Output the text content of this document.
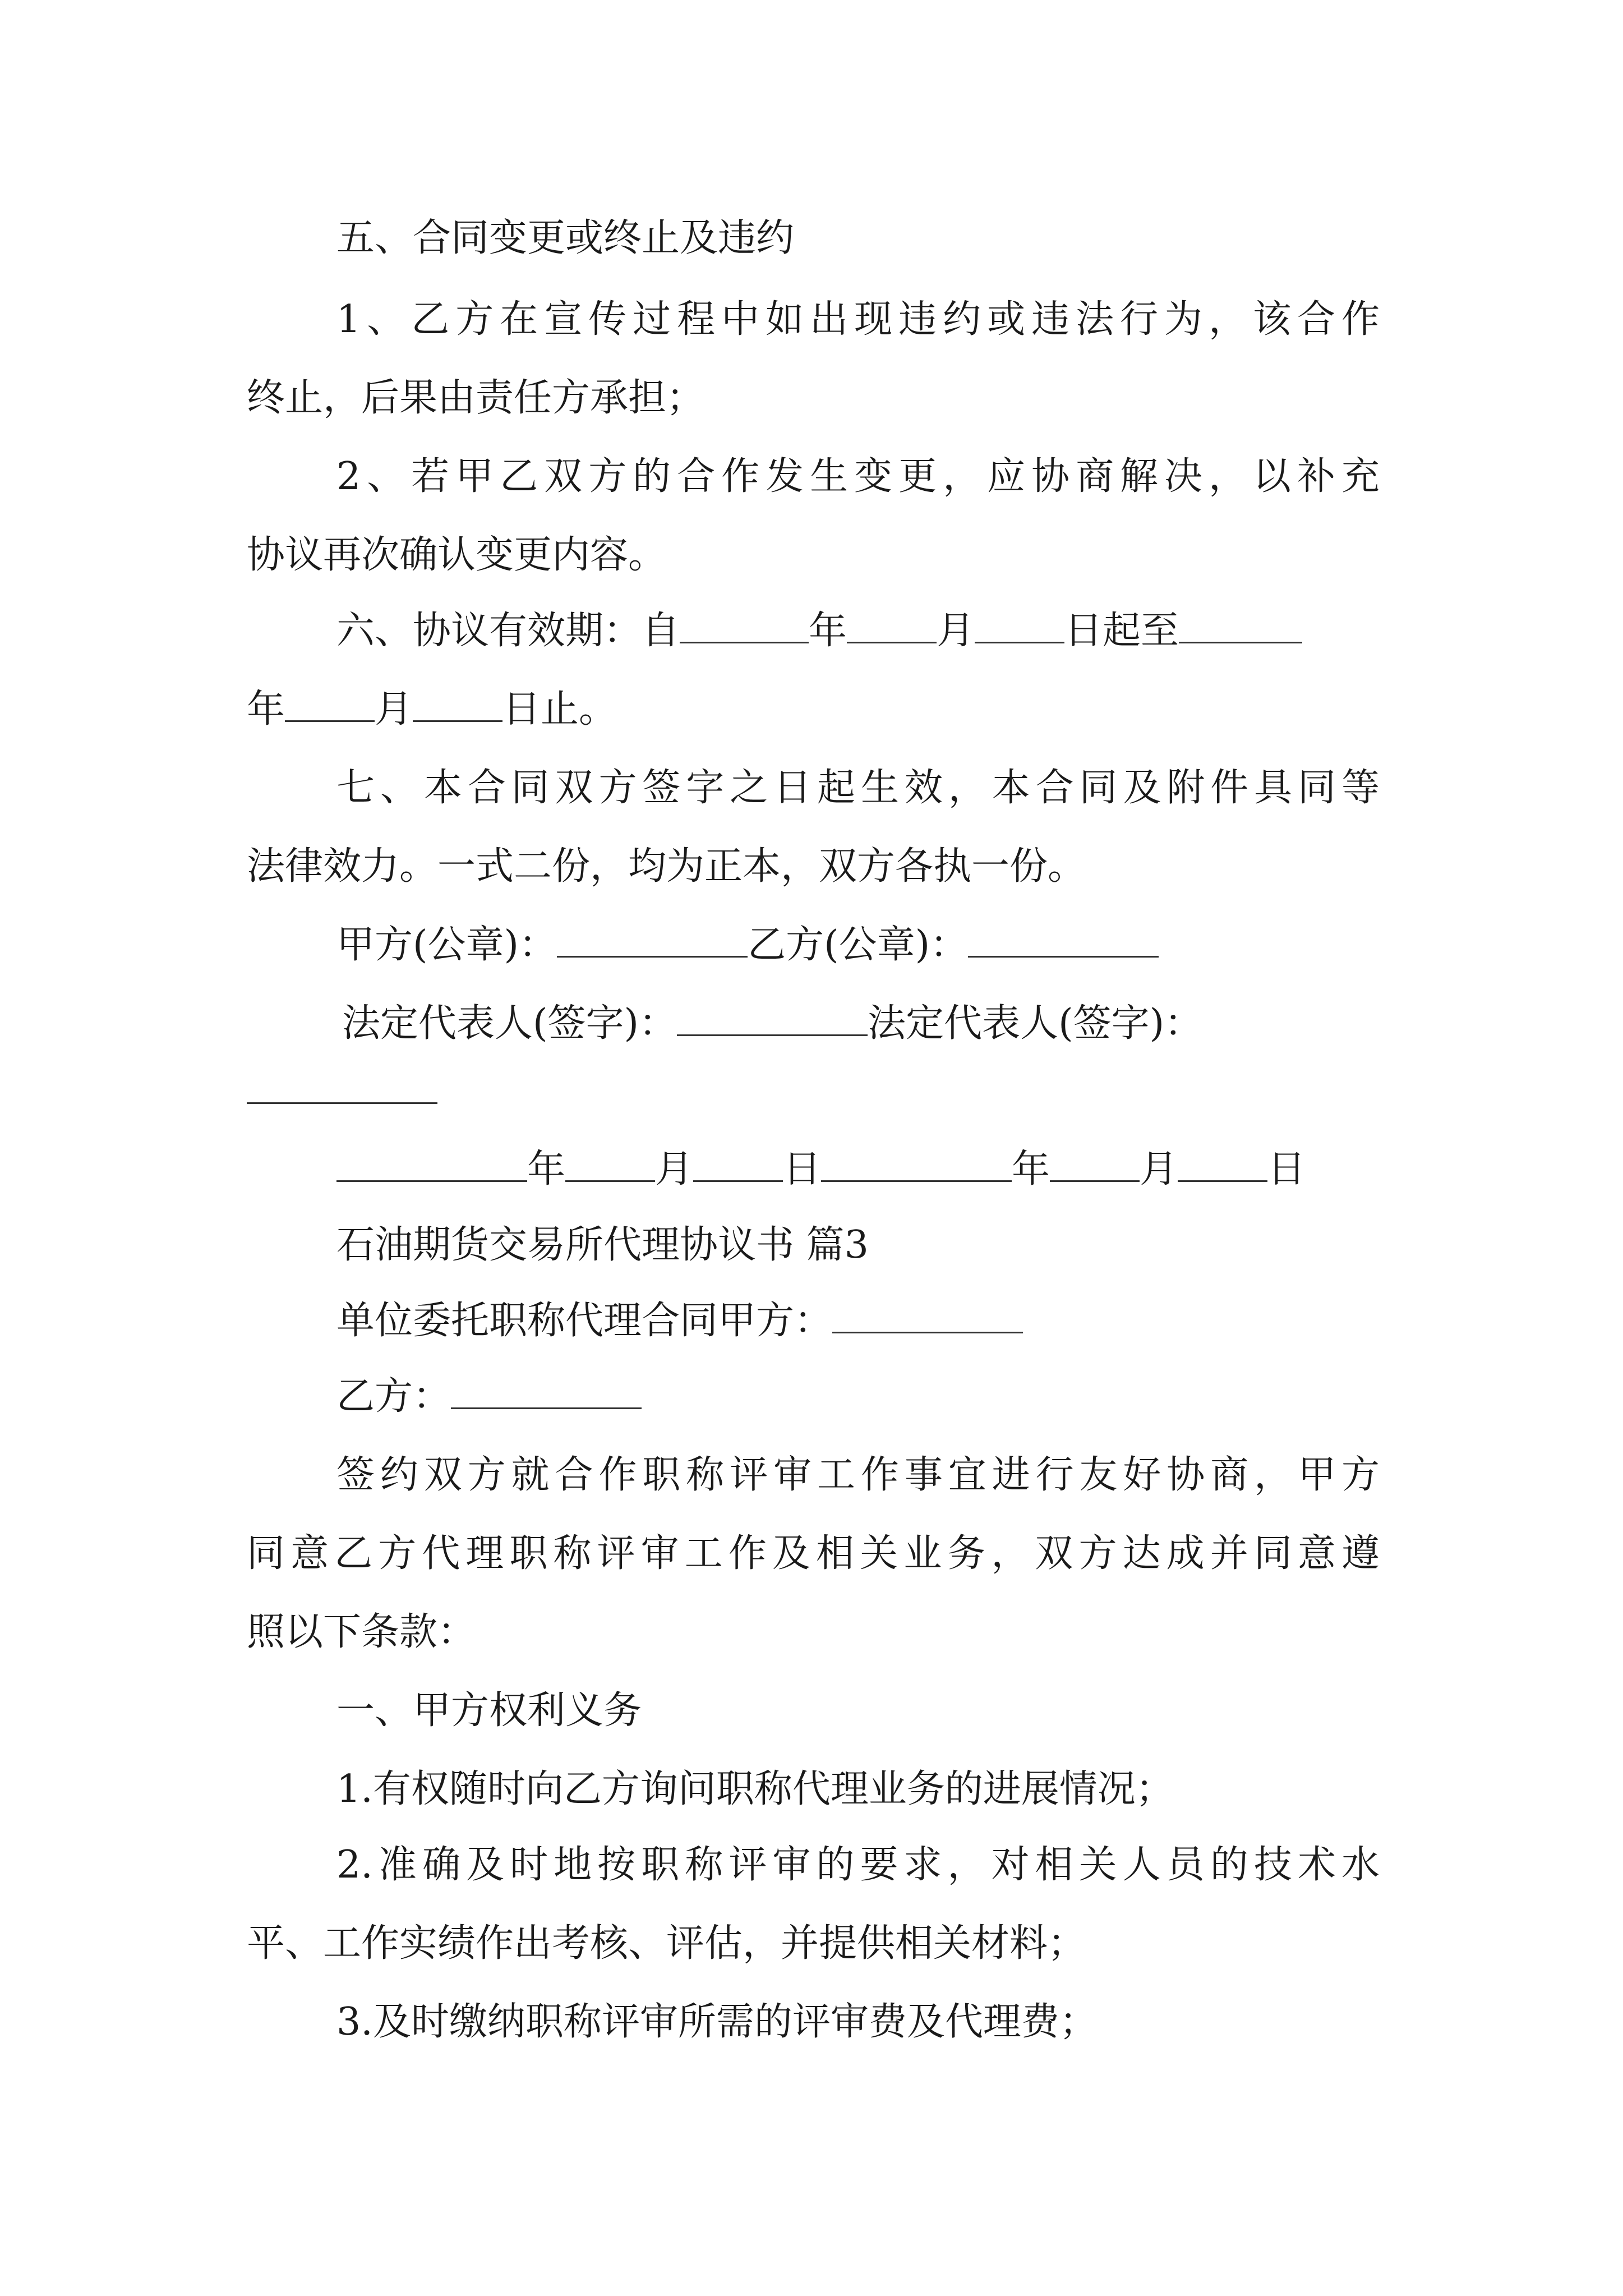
五、合同变更或终止及违约
1、乙方在宣传过程中如出现违约或违法行为，该合作
终止，后果由责任方承担；
2、若甲乙双方的合作发生变更，应协商解决，以补充
协议再次确认变更内容。
六、协议有效期：自	年 月 日起至
年 月 日止。
七、本合同双方签字之日起生效，本合同及附件具同等
法律效力。一式二份，均为正本，双方各执一份。
甲方(公章)：	乙方(公章)：
法定代表人(签字)：	法定代表人(签字)：
年 月 日	年 月 日
石油期货交易所代理协议书 篇3
单位委托职称代理合同甲方：
乙方：
签约双方就合作职称评审工作事宜进行友好协商，甲方
同意乙方代理职称评审工作及相关业务，双方达成并同意遵
照以下条款：
一、甲方权利义务
1.有权随时向乙方询问职称代理业务的进展情况；
2.准确及时地按职称评审的要求，对相关人员的技术水
平、工作实绩作出考核、评估，并提供相关材料；
3.及时缴纳职称评审所需的评审费及代理费；
